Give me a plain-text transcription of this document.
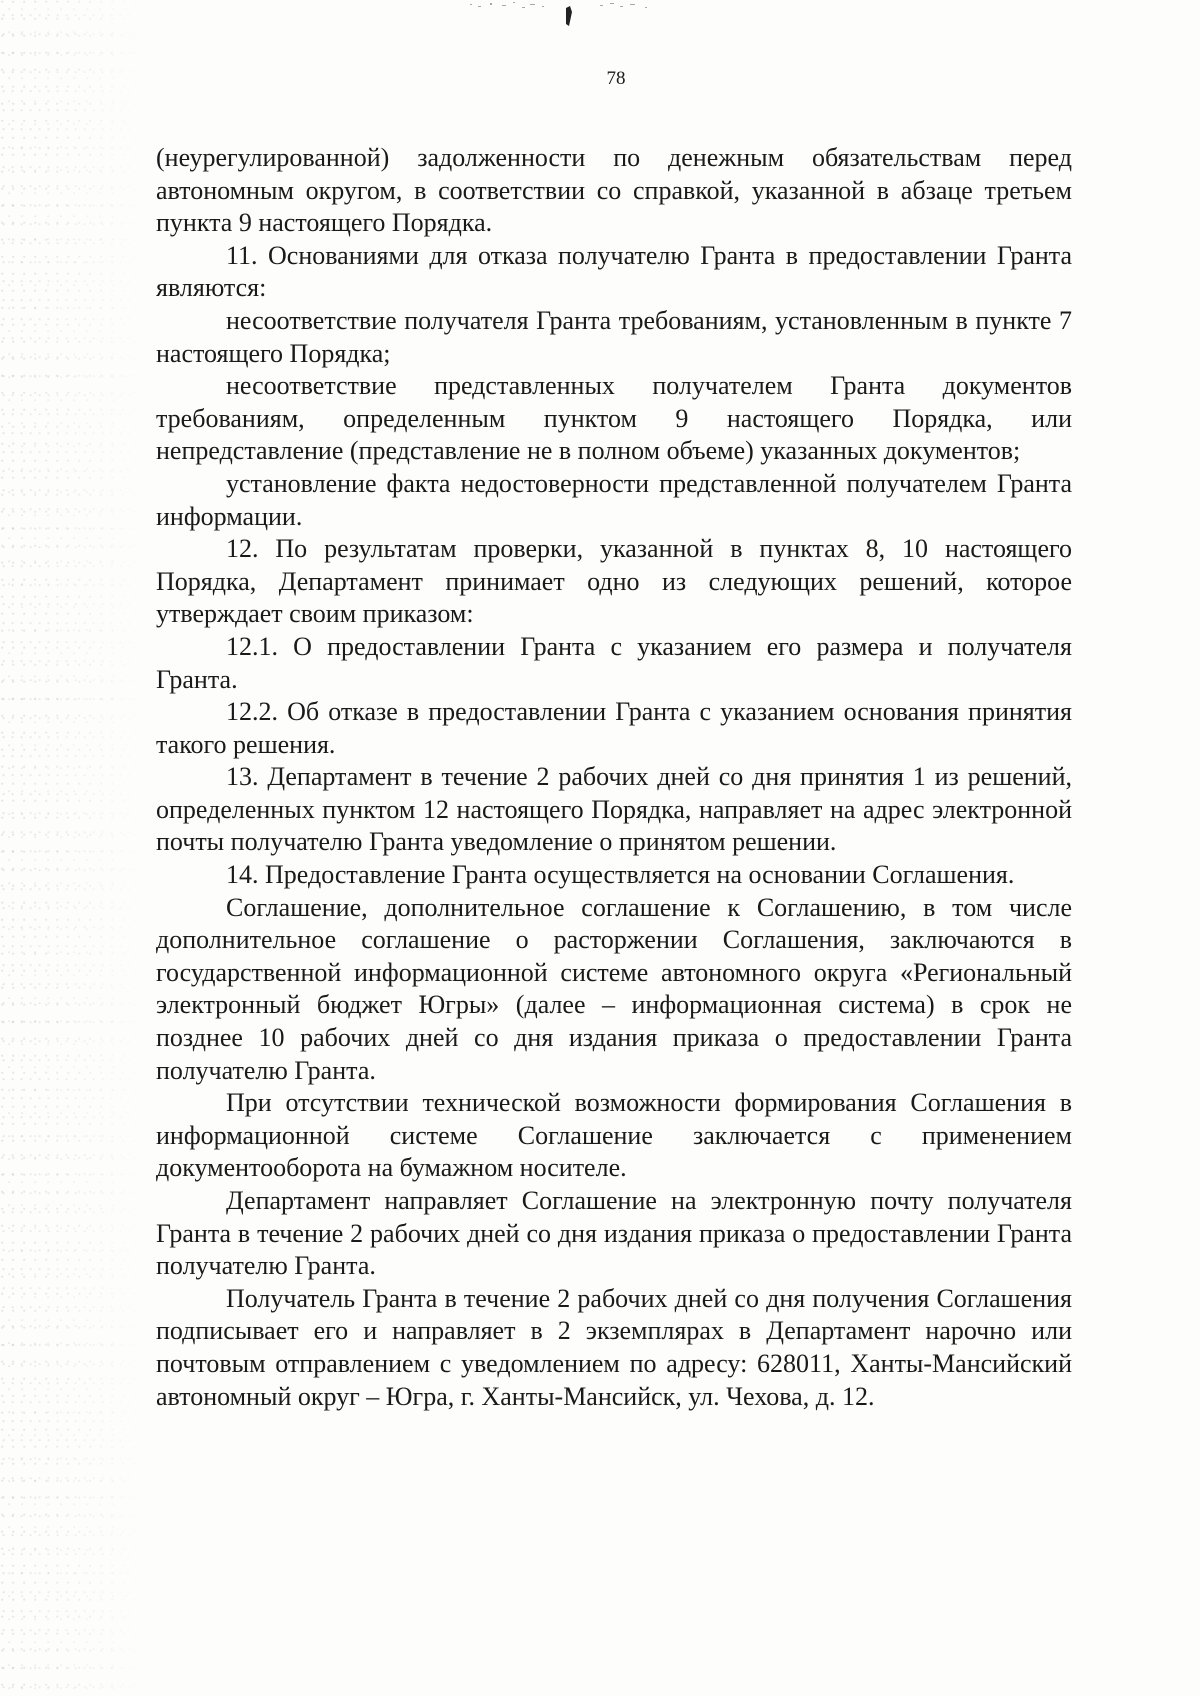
78

(неурегулированной) задолженности по денежным обязательствам перед автономным округом, в соответствии со справкой, указанной в абзаце третьем пункта 9 настоящего Порядка.

11. Основаниями для отказа получателю Гранта в предоставлении Гранта являются:

несоответствие получателя Гранта требованиям, установленным в пункте 7 настоящего Порядка;

несоответствие представленных получателем Гранта документов требованиям, определенным пунктом 9 настоящего Порядка, или непредставление (представление не в полном объеме) указанных документов;

установление факта недостоверности представленной получателем Гранта информации.

12. По результатам проверки, указанной в пунктах 8, 10 настоящего Порядка, Департамент принимает одно из следующих решений, которое утверждает своим приказом:

12.1. О предоставлении Гранта с указанием его размера и получателя Гранта.

12.2. Об отказе в предоставлении Гранта с указанием основания принятия такого решения.

13. Департамент в течение 2 рабочих дней со дня принятия 1 из решений, определенных пунктом 12 настоящего Порядка, направляет на адрес электронной почты получателю Гранта уведомление о принятом решении.

14. Предоставление Гранта осуществляется на основании Соглашения.

Соглашение, дополнительное соглашение к Соглашению, в том числе дополнительное соглашение о расторжении Соглашения, заключаются в государственной информационной системе автономного округа «Региональный электронный бюджет Югры» (далее – информационная система) в срок не позднее 10 рабочих дней со дня издания приказа о предоставлении Гранта получателю Гранта.

При отсутствии технической возможности формирования Соглашения в информационной системе Соглашение заключается с применением документооборота на бумажном носителе.

Департамент направляет Соглашение на электронную почту получателя Гранта в течение 2 рабочих дней со дня издания приказа о предоставлении Гранта получателю Гранта.

Получатель Гранта в течение 2 рабочих дней со дня получения Соглашения подписывает его и направляет в 2 экземплярах в Департамент нарочно или почтовым отправлением с уведомлением по адресу: 628011, Ханты-Мансийский автономный округ – Югра, г. Ханты-Мансийск, ул. Чехова, д. 12.
